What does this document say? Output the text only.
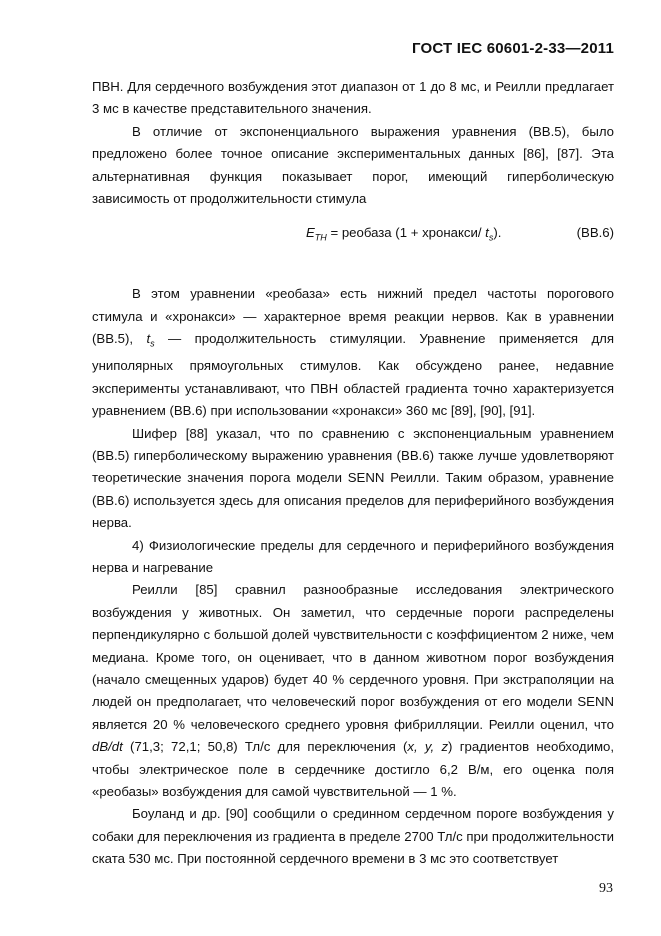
ГОСТ IEC 60601-2-33—2011

ПВН. Для сердечного возбуждения этот диапазон от 1 до 8 мс, и Реилли предлагает 3 мс в качестве представительного значения.

В отличие от экспоненциального выражения уравнения (ВВ.5), было предложено более точное описание экспериментальных данных [86], [87]. Эта альтернативная функция показывает порог, имеющий гиперболическую зависимость от продолжительности стимула

$E_{TH}$ = реобаза (1 + хронакси/ $t_s$).	(ВВ.6)

В этом уравнении «реобаза» есть нижний предел частоты порогового стимула и «хронакси» — характерное время реакции нервов. Как в уравнении (ВВ.5), $t_s$ — продолжительность стимуляции. Уравнение применяется для униполярных прямоугольных стимулов. Как обсуждено ранее, недавние эксперименты устанавливают, что ПВН областей градиента точно характеризуется уравнением (ВВ.6) при использовании «хронакси» 360 мс [89], [90], [91].

Шифер [88] указал, что по сравнению с экспоненциальным уравнением (ВВ.5) гиперболическому выражению уравнения (ВВ.6) также лучше удовлетворяют теоретические значения порога модели SENN Реилли. Таким образом, уравнение (ВВ.6) используется здесь для описания пределов для периферийного возбуждения нерва.

4) Физиологические пределы для сердечного и периферийного возбуждения нерва и нагревание

Реилли [85] сравнил разнообразные исследования электрического возбуждения у животных. Он заметил, что сердечные пороги распределены перпендикулярно с большой долей чувствительности с коэффициентом 2 ниже, чем медиана. Кроме того, он оценивает, что в данном животном порог возбуждения (начало смещенных ударов) будет 40 % сердечного уровня. При экстраполяции на людей он предполагает, что человеческий порог возбуждения от его модели SENN является 20 % человеческого среднего уровня фибрилляции. Реилли оценил, что dB/dt (71,3; 72,1; 50,8) Тл/с для переключения (x, y, z) градиентов необходимо, чтобы электрическое поле в сердечнике достигло 6,2 В/м, его оценка поля «реобазы» возбуждения для самой чувствительной — 1 %.

Боуланд и др. [90] сообщили о срединном сердечном пороге возбуждения у собаки для переключения из градиента в пределе 2700 Тл/с при продолжительности ската 530 мс. При постоянной сердечного времени в 3 мс это соответствует

93
